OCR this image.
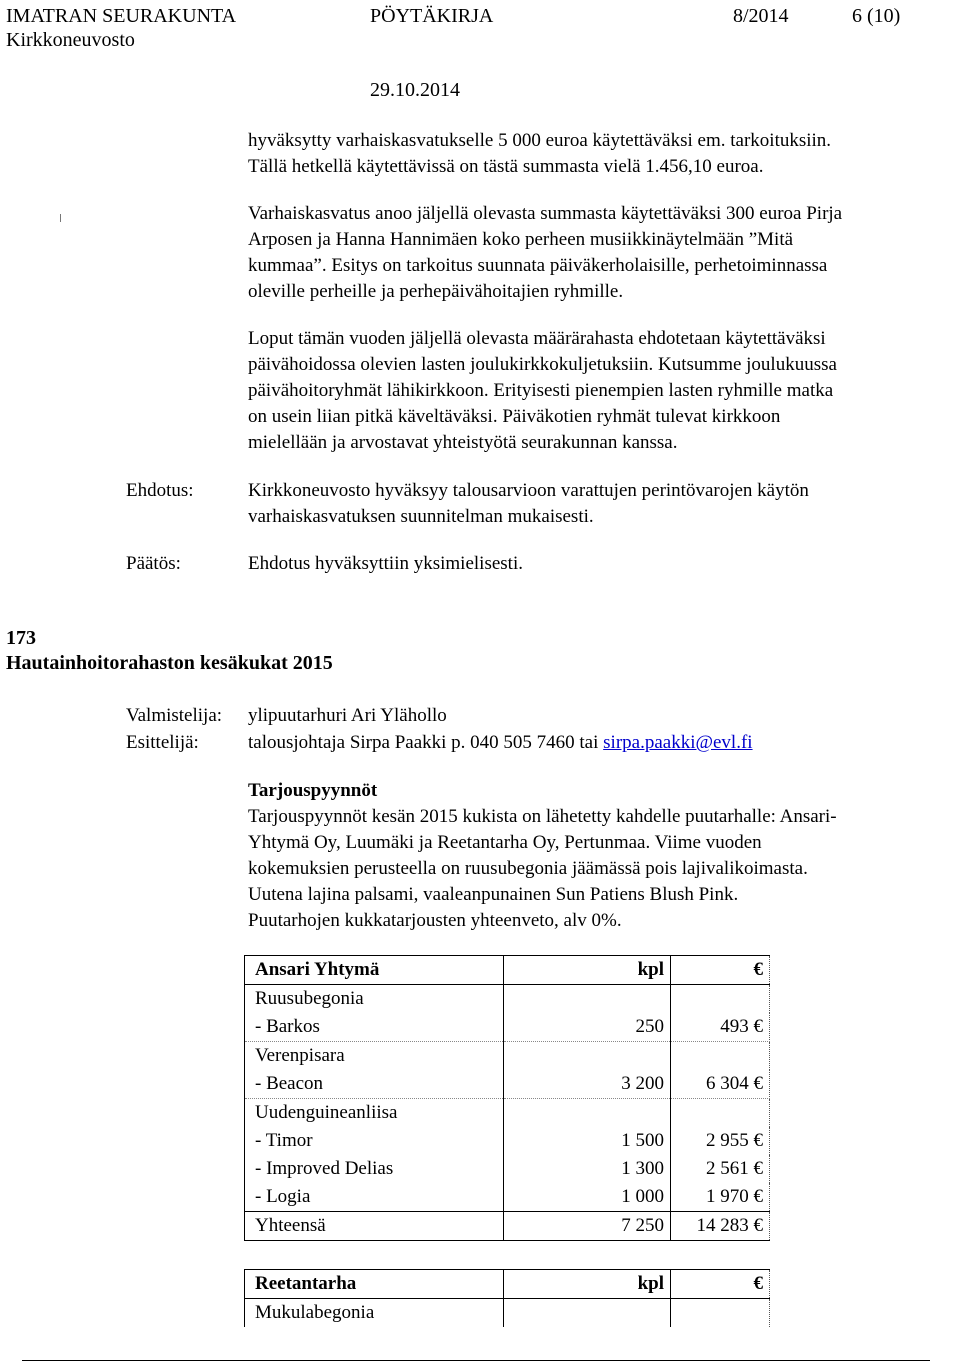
IMATRAN SEURAKUNTA	PÖYTÄKIRJA	8/2014	6 (10)
Kirkkoneuvosto
29.10.2014

hyväksytty varhaiskasvatukselle 5 000 euroa käytettäväksi em. tarkoituksiin.

Tällä hetkellä käytettävissä on tästä summasta vielä 1.456,10 euroa.

Varhaiskasvatus anoo jäljellä olevasta summasta käytettäväksi 300 euroa Pirja

Arposen ja Hanna Hannimäen koko perheen musiikkinäytelmään ”Mitä

kummaa”. Esitys on tarkoitus suunnata päiväkerholaisille, perhetoiminnassa

oleville perheille ja perhepäivähoitajien ryhmille.

Loput tämän vuoden jäljellä olevasta määrärahasta ehdotetaan käytettäväksi

päivähoidossa olevien lasten joulukirkkokuljetuksiin. Kutsumme joulukuussa

päivähoitoryhmät lähikirkkoon. Erityisesti pienempien lasten ryhmille matka

on usein liian pitkä käveltäväksi. Päiväkotien ryhmät tulevat kirkkoon

mielellään ja arvostavat yhteistyötä seurakunnan kanssa.

Ehdotus:	Kirkkoneuvosto hyväksyy talousarvioon varattujen perintövarojen käytön

varhaiskasvatuksen suunnitelman mukaisesti.

Päätös:	Ehdotus hyväksyttiin yksimielisesti.

173
Hautainhoitorahaston kesäkukat 2015
Valmistelija: ylipuutarhuri Ari Ylähollo
Esittelijä:	talousjohtaja Sirpa Paakki p. 040 505 7460 tai sirpa.paakki@evl.fi
Tarjouspyynnöt

Tarjouspyynnöt kesän 2015 kukista on lähetetty kahdelle puutarhalle: Ansari-

Yhtymä Oy, Luumäki ja Reetantarha Oy, Pertunmaa. Viime vuoden

kokemuksien perusteella on ruusubegonia jäämässä pois lajivalikoimasta.

Uutena lajina palsami, vaaleanpunainen Sun Patiens Blush Pink.

Puutarhojen kukkatarjousten yhteenveto, alv 0%.

Ansari Yhtymä	kpl	€
Ruusubegonia		
- Barkos	250	493 €
Verenpisara		
- Beacon	3 200	6 304 €
Uudenguineanliisa		
- Timor	1 500	2 955 €
- Improved Delias	1 300	2 561 €
- Logia	1 000	1 970 €
Yhteensä	7 250	14 283 €
Reetantarha	kpl	€
Mukulabegonia		
